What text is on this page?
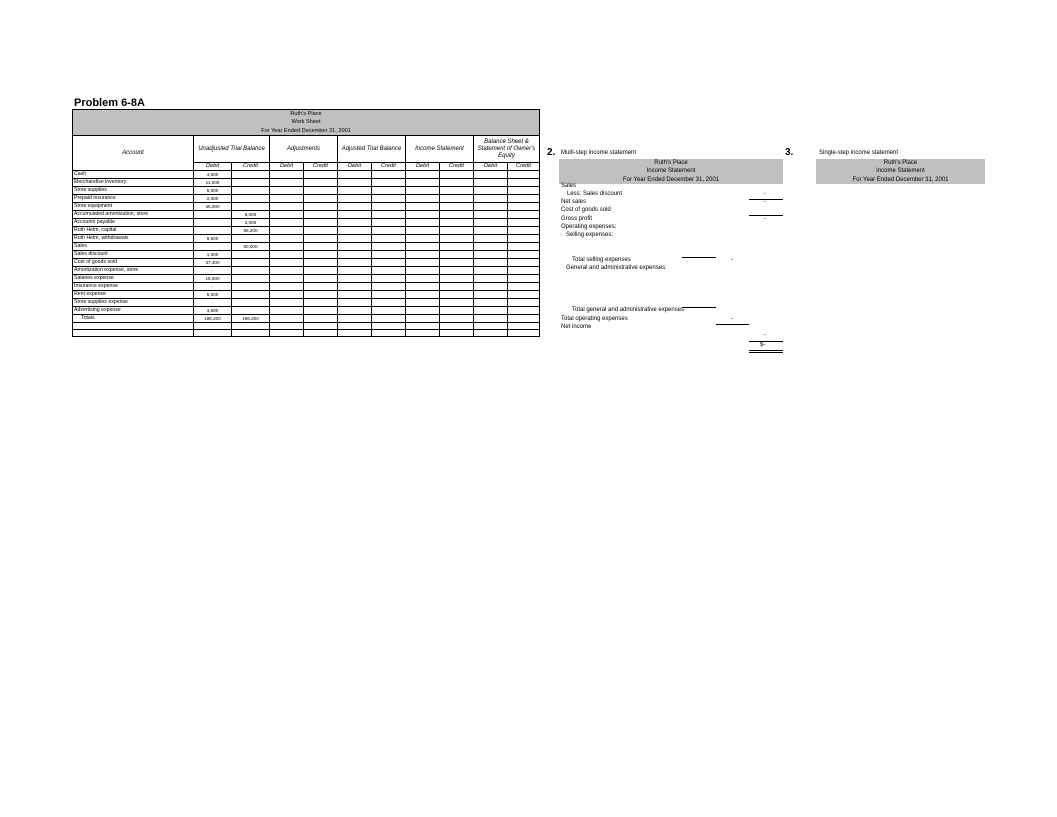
Problem 6-8A
Ruth's Place										
Work Sheet										
For Year Ended December 31, 2001										
Account	Unadjusted Trial Balance		Adjustments		Adjusted Trial Balance		Income Statement		Balance Sheet & Statement of Owner's Equity	
	Debit	Credit	Debit	Credit	Debit	Credit	Debit	Credit	Debit	Credit
Cash	4,000									
Merchandise inventory	11,500									
Store supplies	5,000									
Prepaid insurance	2,000									
Store equipment	45,000									
Accumulated amortization, store		8,000								
Accounts payable		3,000								
Ruth Helm, capital		95,200								
Ruth Helm, withdrawals	9,500									
Sales		90,000								
Sales discount	1,000									
Cost of goods sold	37,400									
Amortization expense, store	-									
Salaries expense	18,000									
Insurance expense	-									
Rent expense	5,000									
Store supplies expense	-									
Advertising expense	3,800									
Totals	196,200	196,200								

2. Multi-step income statement
Ruth's Place
Income Statement
For Year Ended December 31, 2001
Sales
Less: Sales discount	-
Net sales	-
Cost of goods sold
Gross profit	-
Operating expenses:
Selling expenses:
Total selling expenses	-
General and administrative expenses:
Total general and administrative expenses
Total operating expenses	-
Net income
-
$-
3.	Single-step income statement
Ruth's Place
Income Statement
For Year Ended December 31, 2001
